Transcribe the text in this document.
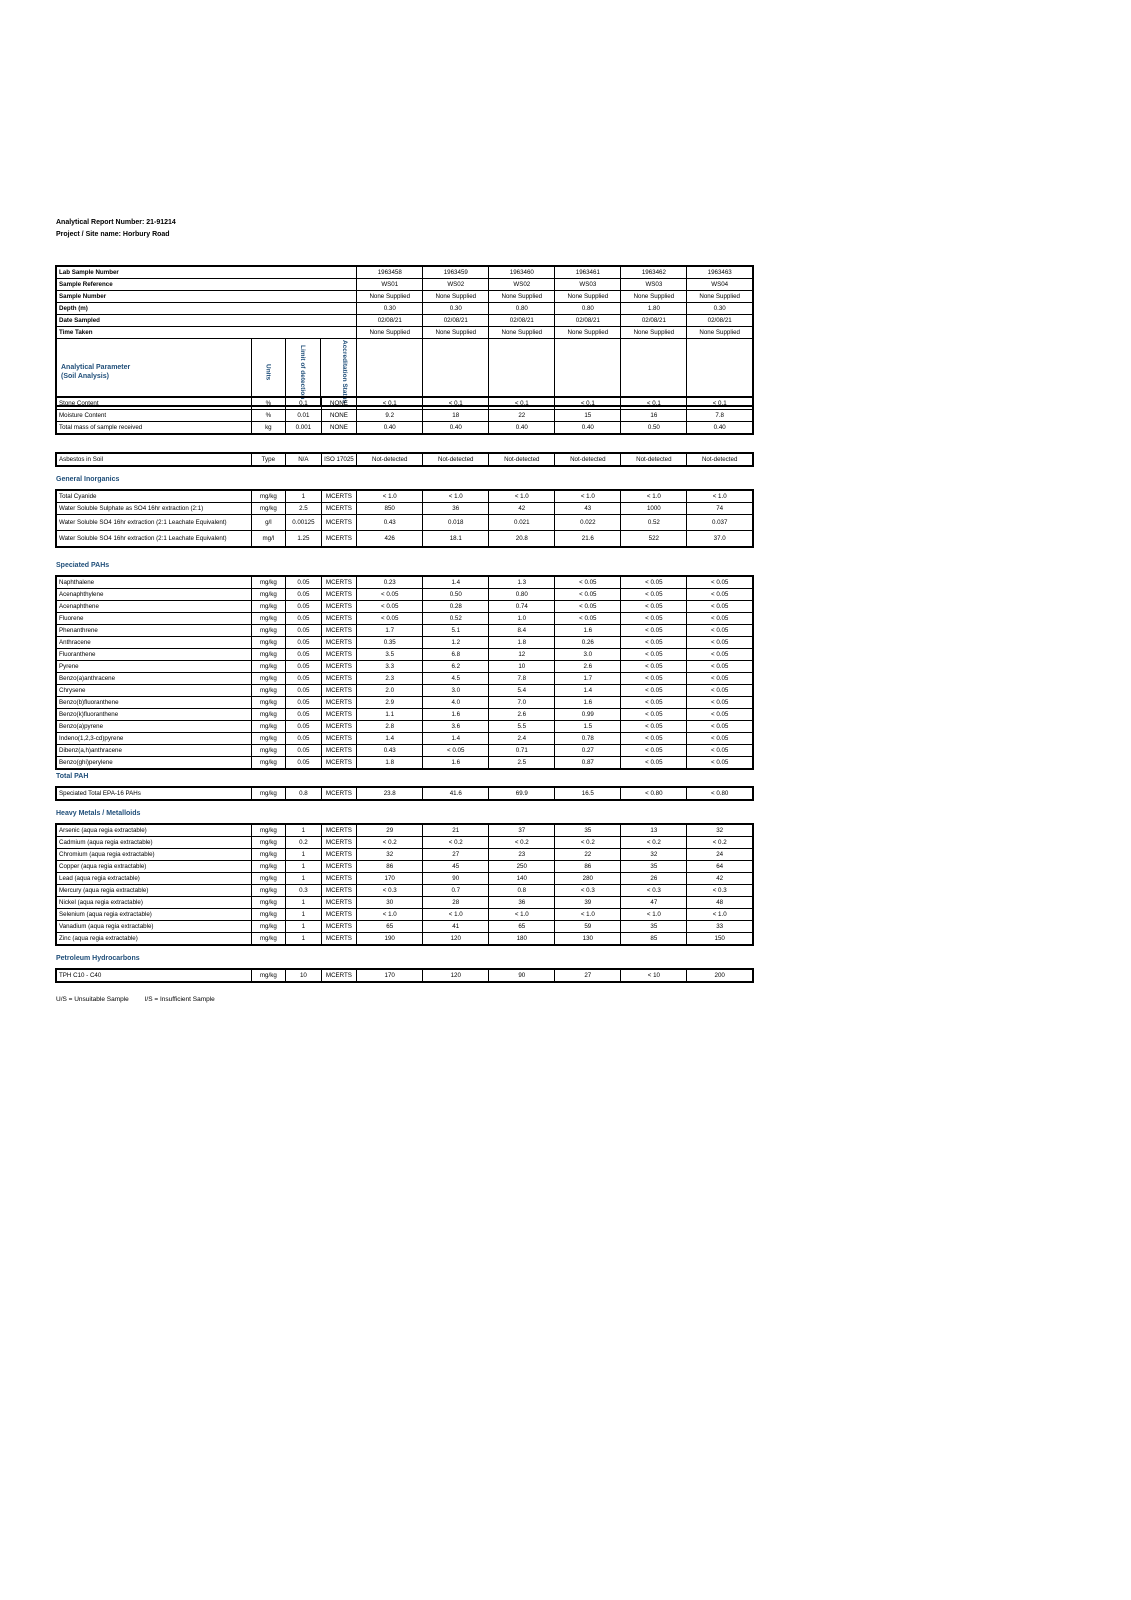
Analytical Report Number: 21-91214
Project / Site name: Horbury Road
Lab Sample Number	1963458	1963459	1963460	1963461	1963462	1963463
Sample Reference	WS01	WS02	WS02	WS03	WS03	WS04
Sample Number	None Supplied	None Supplied	None Supplied	None Supplied	None Supplied	None Supplied
Depth (m)	0.30	0.30	0.80	0.80	1.80	0.30
Date Sampled	02/08/21	02/08/21	02/08/21	02/08/21	02/08/21	02/08/21
Time Taken	None Supplied	None Supplied	None Supplied	None Supplied	None Supplied	None Supplied

Analytical Parameter
(Soil Analysis)	Units	Limit of detection	Accreditation Status

Stone Content	%	0.1	NONE	< 0.1	< 0.1	< 0.1	< 0.1	< 0.1	< 0.1
Moisture Content	%	0.01	NONE	9.2	18	22	15	16	7.8
Total mass of sample received	kg	0.001	NONE	0.40	0.40	0.40	0.40	0.50	0.40
Asbestos in Soil	Type	N/A	ISO 17025	Not-detected	Not-detected	Not-detected	Not-detected	Not-detected	Not-detected
General Inorganics
Total Cyanide	mg/kg	1	MCERTS	< 1.0	< 1.0	< 1.0	< 1.0	< 1.0	< 1.0
Water Soluble Sulphate as SO4 16hr extraction (2:1)	mg/kg	2.5	MCERTS	850	36	42	43	1000	74
Water Soluble SO4 16hr extraction (2:1 Leachate Equivalent)	g/l	0.00125	MCERTS	0.43	0.018	0.021	0.022	0.52	0.037
Water Soluble SO4 16hr extraction (2:1 Leachate Equivalent)	mg/l	1.25	MCERTS	426	18.1	20.8	21.6	522	37.0
Speciated PAHs
Naphthalene	mg/kg	0.05	MCERTS	0.23	1.4	1.3	< 0.05	< 0.05	< 0.05
Acenaphthylene	mg/kg	0.05	MCERTS	< 0.05	0.50	0.80	< 0.05	< 0.05	< 0.05
Acenaphthene	mg/kg	0.05	MCERTS	< 0.05	0.28	0.74	< 0.05	< 0.05	< 0.05
Fluorene	mg/kg	0.05	MCERTS	< 0.05	0.52	1.0	< 0.05	< 0.05	< 0.05
Phenanthrene	mg/kg	0.05	MCERTS	1.7	5.1	8.4	1.6	< 0.05	< 0.05
Anthracene	mg/kg	0.05	MCERTS	0.35	1.2	1.8	0.26	< 0.05	< 0.05
Fluoranthene	mg/kg	0.05	MCERTS	3.5	6.8	12	3.0	< 0.05	< 0.05
Pyrene	mg/kg	0.05	MCERTS	3.3	6.2	10	2.6	< 0.05	< 0.05
Benzo(a)anthracene	mg/kg	0.05	MCERTS	2.3	4.5	7.8	1.7	< 0.05	< 0.05
Chrysene	mg/kg	0.05	MCERTS	2.0	3.0	5.4	1.4	< 0.05	< 0.05
Benzo(b)fluoranthene	mg/kg	0.05	MCERTS	2.9	4.0	7.0	1.6	< 0.05	< 0.05
Benzo(k)fluoranthene	mg/kg	0.05	MCERTS	1.1	1.6	2.6	0.99	< 0.05	< 0.05
Benzo(a)pyrene	mg/kg	0.05	MCERTS	2.8	3.6	5.5	1.5	< 0.05	< 0.05
Indeno(1,2,3-cd)pyrene	mg/kg	0.05	MCERTS	1.4	1.4	2.4	0.78	< 0.05	< 0.05
Dibenz(a,h)anthracene	mg/kg	0.05	MCERTS	0.43	< 0.05	0.71	0.27	< 0.05	< 0.05
Benzo(ghi)perylene	mg/kg	0.05	MCERTS	1.8	1.6	2.5	0.87	< 0.05	< 0.05
Total PAH
Speciated Total EPA-16 PAHs	mg/kg	0.8	MCERTS	23.8	41.6	69.9	16.5	< 0.80	< 0.80
Heavy Metals / Metalloids
Arsenic (aqua regia extractable)	mg/kg	1	MCERTS	29	21	37	35	13	32
Cadmium (aqua regia extractable)	mg/kg	0.2	MCERTS	< 0.2	< 0.2	< 0.2	< 0.2	< 0.2	< 0.2
Chromium (aqua regia extractable)	mg/kg	1	MCERTS	32	27	23	22	32	24
Copper (aqua regia extractable)	mg/kg	1	MCERTS	86	45	250	86	35	64
Lead (aqua regia extractable)	mg/kg	1	MCERTS	170	90	140	280	26	42
Mercury (aqua regia extractable)	mg/kg	0.3	MCERTS	< 0.3	0.7	0.8	< 0.3	< 0.3	< 0.3
Nickel (aqua regia extractable)	mg/kg	1	MCERTS	30	28	36	39	47	48
Selenium (aqua regia extractable)	mg/kg	1	MCERTS	< 1.0	< 1.0	< 1.0	< 1.0	< 1.0	< 1.0
Vanadium (aqua regia extractable)	mg/kg	1	MCERTS	65	41	65	59	35	33
Zinc (aqua regia extractable)	mg/kg	1	MCERTS	190	120	180	130	85	150
Petroleum Hydrocarbons
TPH C10 - C40	mg/kg	10	MCERTS	170	120	90	27	< 10	200
U/S = Unsuitable Sample I/S = Insufficient Sample
